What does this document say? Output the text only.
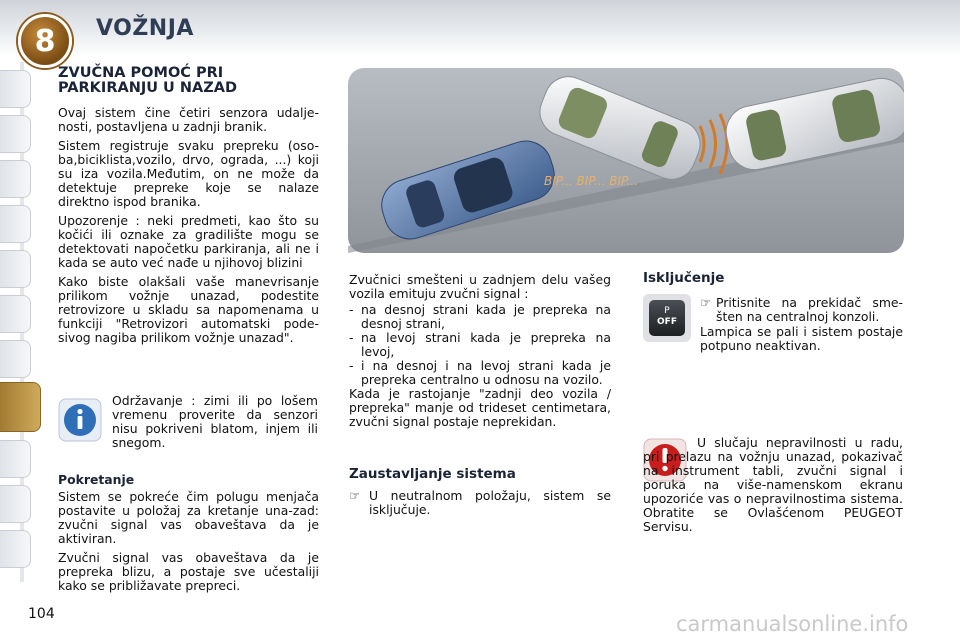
8	VOŽNJA
ZVUČNA POMOĆ PRI
PARKIRANJU U NAZAD

Ovaj sistem čine četiri senzora udalje-nosti, postavljena u zadnji branik.

Sistem registruje svaku prepreku (oso-ba,biciklista,vozilo, drvo, ograda, ...) koji su iza vozila.Međutim, on ne može da detektuje prepreke koje se nalaze direktno ispod branika.

Upozorenje : neki predmeti, kao što su kočići ili oznake za gradilište mogu se detektovati napočetku parkiranja, ali ne i kada se auto već nađe u njihovoj blizini

Kako biste olakšali vaše manevrisanje prilikom vožnje unazad, podestite retrovizore u skladu sa napomenama u funkciji "Retrovizori automatski pode-sivog nagiba prilikom vožnje unazad".

Održavanje : zimi ili po lošem vremenu proverite da senzori nisu pokriveni blatom, injem ili snegom.
Pokretanje

Sistem se pokreće čim polugu menjača postavite u položaj za kretanje una-zad: zvučni signal vas obaveštava da je aktiviran.

Zvučni signal vas obaveštava da je prepreka blizu, a postaje sve učestaliji kako se približavate prepreci.

BIP... BIP... BIP...

Zvučnici smešteni u zadnjem delu vašeg vozila emituju zvučni signal :

- na desnoj strani kada je prepreka na desnoj strani,
- na levoj strani kada je prepreka na levoj,
- i na desnoj i na levoj strani kada je prepreka centralno u odnosu na vozilo.

Kada je rastojanje "zadnji deo vozila / prepreka" manje od trideset centimetara, zvučni signal postaje neprekidan.

Zaustavljanje sistema
☞ U neutralnom položaju, sistem se isključuje.
Isključenje
P
OFF
☞ Pritisnite na prekidač sme-šten na centralnoj konzoli.
Lampica se pali i sistem postaje potpuno neaktivan.
U slučaju nepravilnosti u radu, pri prelazu na vožnju unazad, pokazivač na instrument tabli, zvučni signal i poruka na više-namenskom ekranu upozoriće vas o nepravilnostima sistema. Obratite se Ovlašćenom PEUGEOT Servisu.
104	carmanualsonline.info
